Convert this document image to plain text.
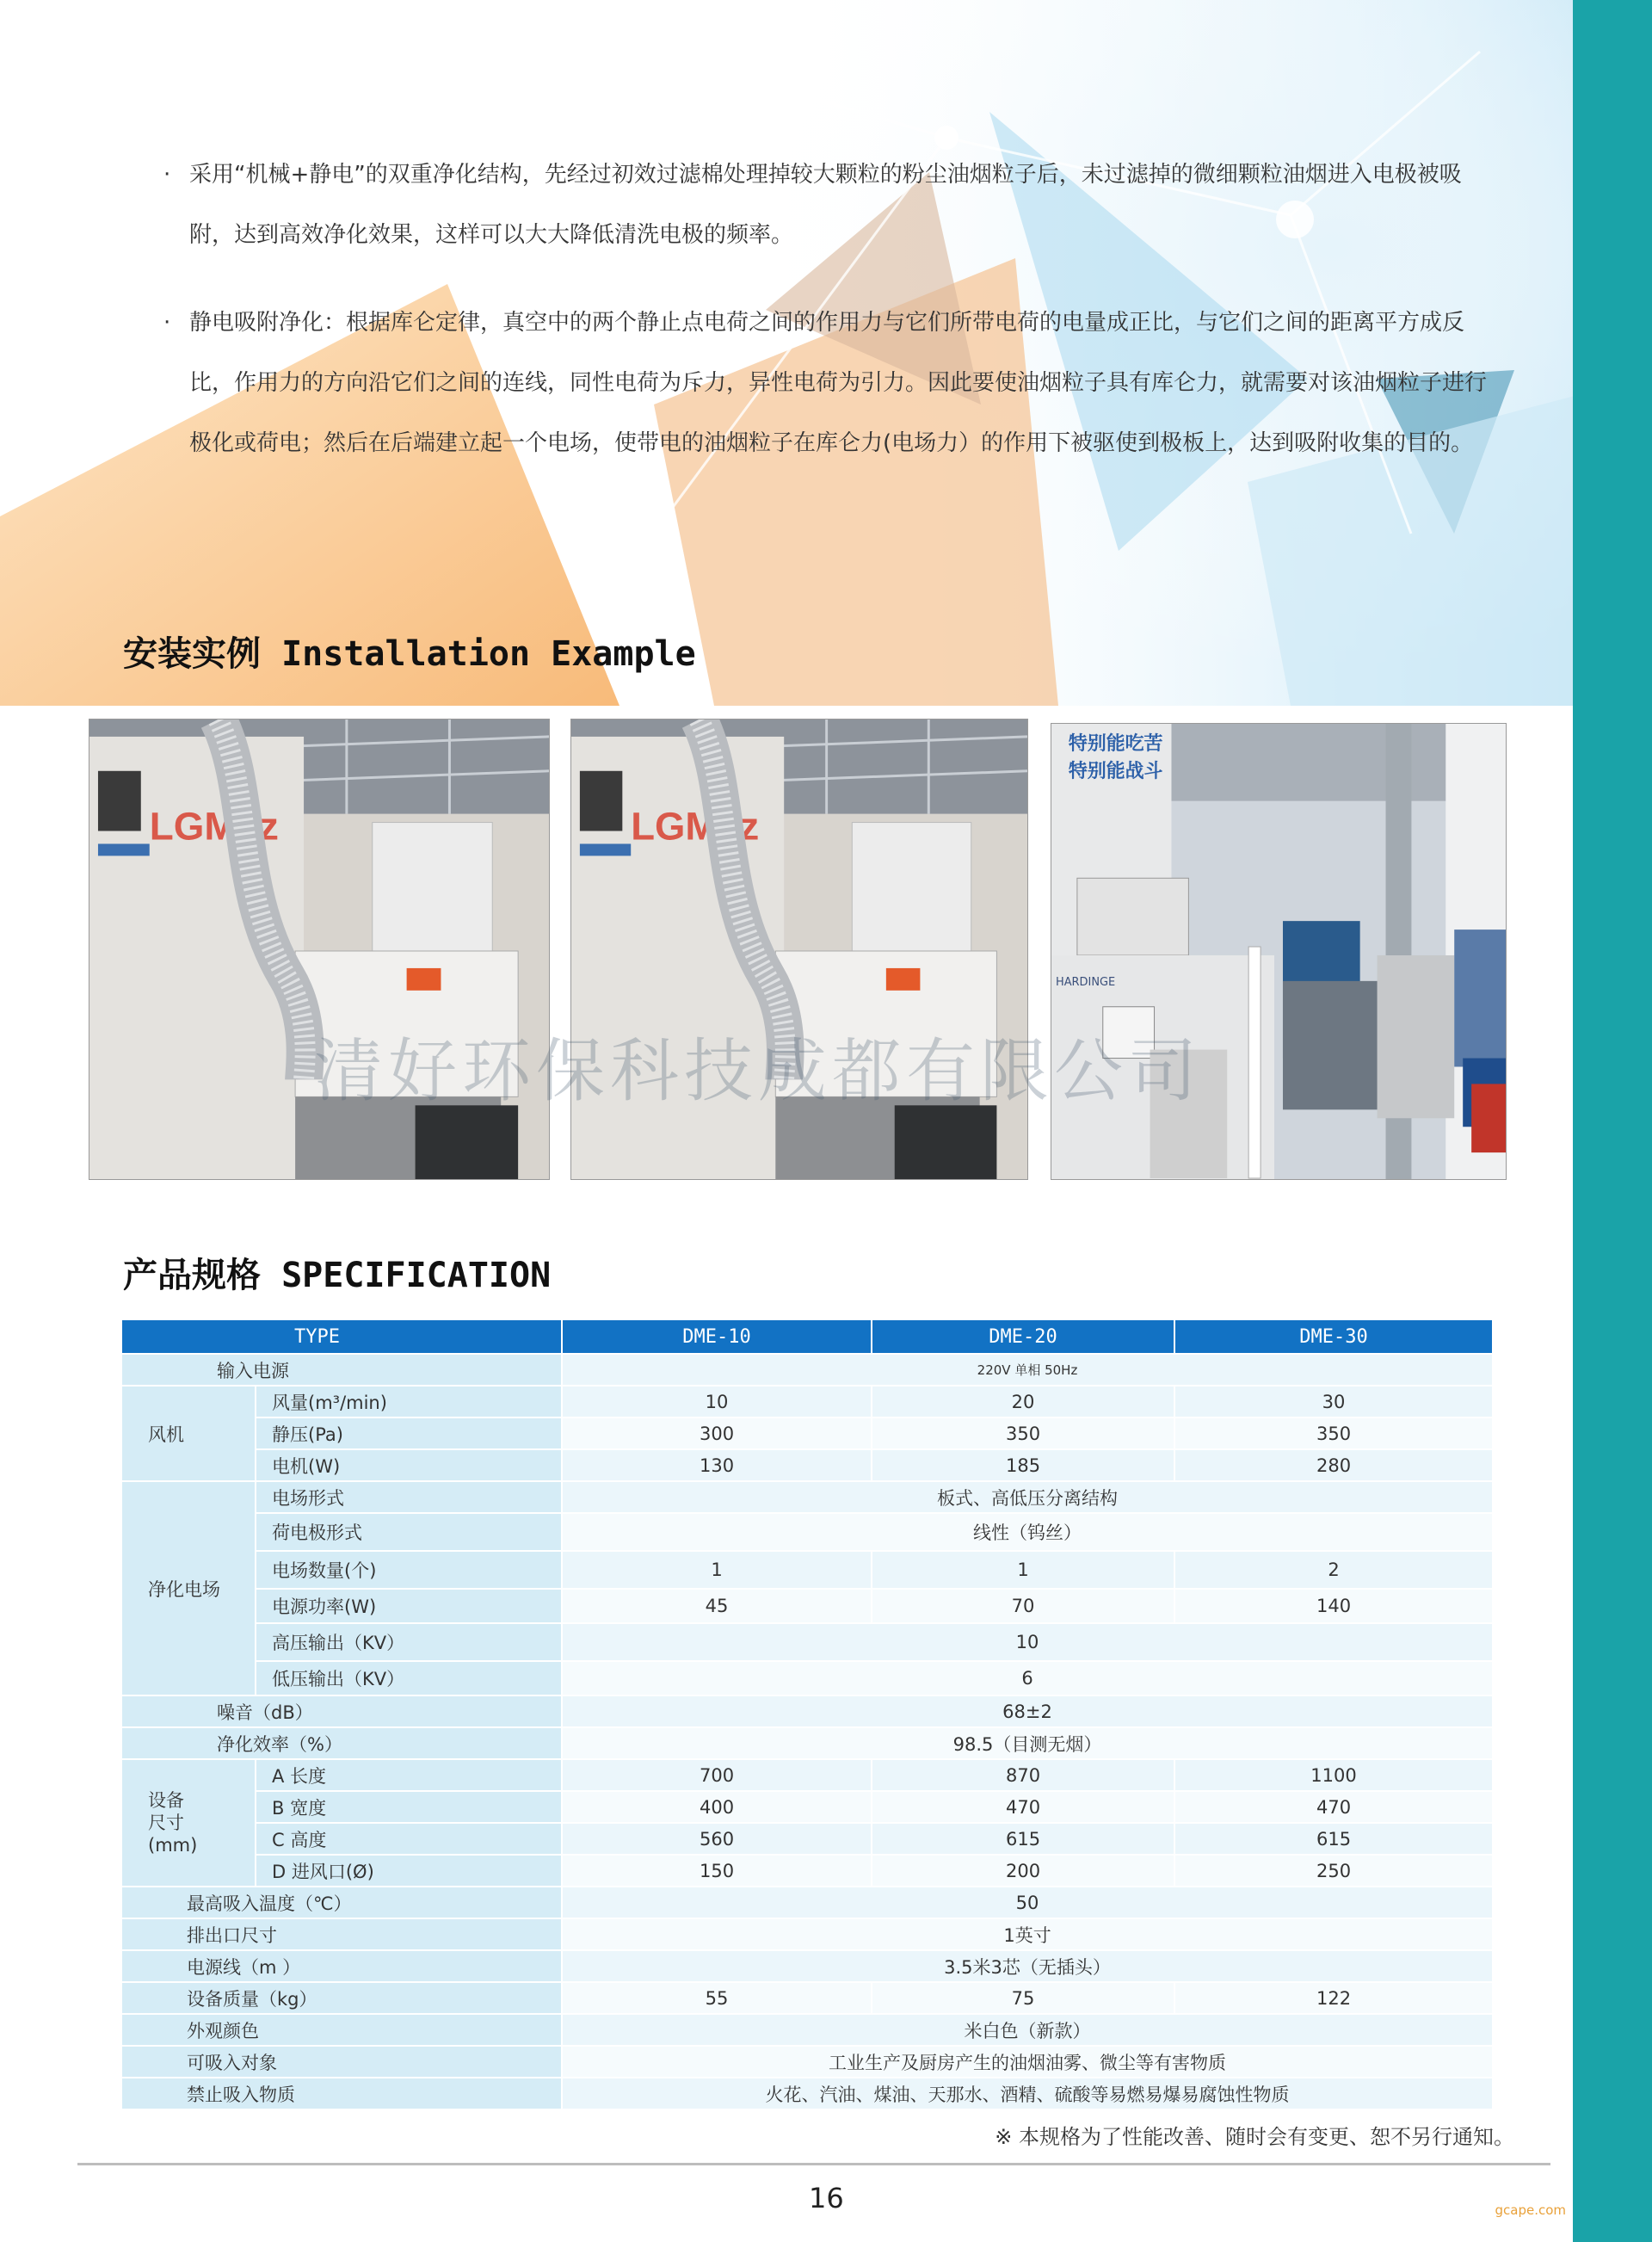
· 采用“机械+静电”的双重净化结构，先经过初效过滤棉处理掉较大颗粒的粉尘油烟粒子后，未过滤掉的微细颗粒油烟进入电极被吸附，达到高效净化效果，这样可以大大降低清洗电极的频率。
· 静电吸附净化：根据库仑定律，真空中的两个静止点电荷之间的作用力与它们所带电荷的电量成正比，与它们之间的距离平方成反比，作用力的方向沿它们之间的连线，同性电荷为斥力，异性电荷为引力。因此要使油烟粒子具有库仑力，就需要对该油烟粒子进行极化或荷电；然后在后端建立起一个电场，使带电的油烟粒子在库仑力(电场力）的作用下被驱使到极板上，达到吸附收集的目的。
安装实例 Installation Example
LGMaz	LGMaz
特别能吃苦
特别能战斗
HARDINGE
清好环保科技成都有限公司
产品规格 SPECIFICATION
TYPE		DME-10	DME-20	DME-30
输入电源		220V 单相 50Hz		
风机	风量(m³/min)	10	20	30
	静压(Pa)	300	350	350
	电机(W)	130	185	280
净化电场	电场形式	板式、高低压分离结构		
	荷电极形式	线性（钨丝）		
	电场数量(个)	1	1	2
	电源功率(W)	45	70	140
	高压输出（KV）	10		
	低压输出（KV）	6		
噪音（dB）		68±2		
净化效率（%）		98.5（目测无烟）		
设备
尺寸
(mm)	A 长度	700	870	1100
	B 宽度	400	470	470
	C 高度	560	615	615
	D 进风口(Ø)	150	200	250
最高吸入温度（℃）		50		
排出口尺寸		1英寸		
电源线（m ）		3.5米3芯（无插头）		
设备质量（kg）		55	75	122
外观颜色		米白色（新款）		
可吸入对象		工业生产及厨房产生的油烟油雾、微尘等有害物质		
禁止吸入物质		火花、汽油、煤油、天那水、酒精、硫酸等易燃易爆易腐蚀性物质		
※ 本规格为了性能改善、随时会有变更、恕不另行通知。
16	gcape.com
